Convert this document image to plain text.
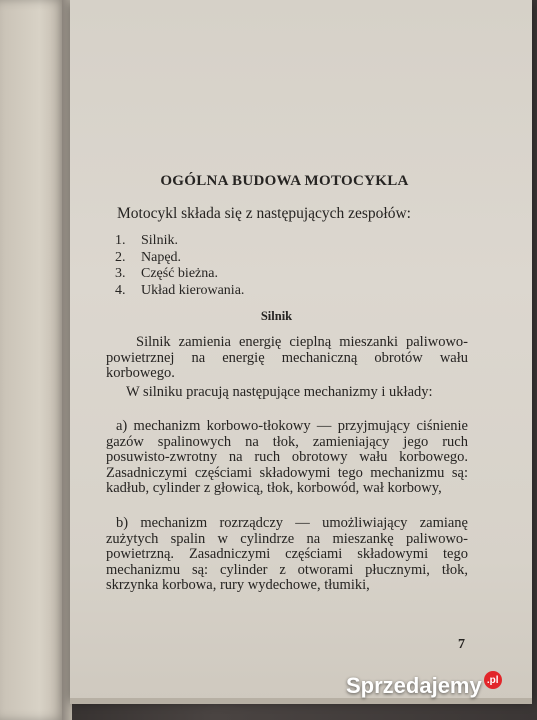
OGÓLNA BUDOWA MOTOCYKLA
Motocykl składa się z następujących zespołów:
1. Silnik.
2. Napęd.
3. Część bieżna.
4. Układ kierowania.
Silnik
Silnik zamienia energię cieplną mieszanki paliwowo-powietrznej na energię mechaniczną obrotów wału korbowego.
W silniku pracują następujące mechanizmy i układy:
a) mechanizm korbowo-tłokowy — przyjmujący ciśnienie gazów spalinowych na tłok, zamieniający jego ruch posuwisto-zwrotny na ruch obrotowy wału korbowego. Zasadniczymi częściami składowymi tego mechanizmu są: kadłub, cylinder z głowicą, tłok, korbowód, wał korbowy,
b) mechanizm rozrządczy — umożliwiający zamianę zużytych spalin w cylindrze na mieszankę paliwowo-powietrzną. Zasadniczymi częściami składowymi tego mechanizmu są: cylinder z otworami płucznymi, tłok, skrzynka korbowa, rury wydechowe, tłumiki,
7
Sprzedajemy .pl
